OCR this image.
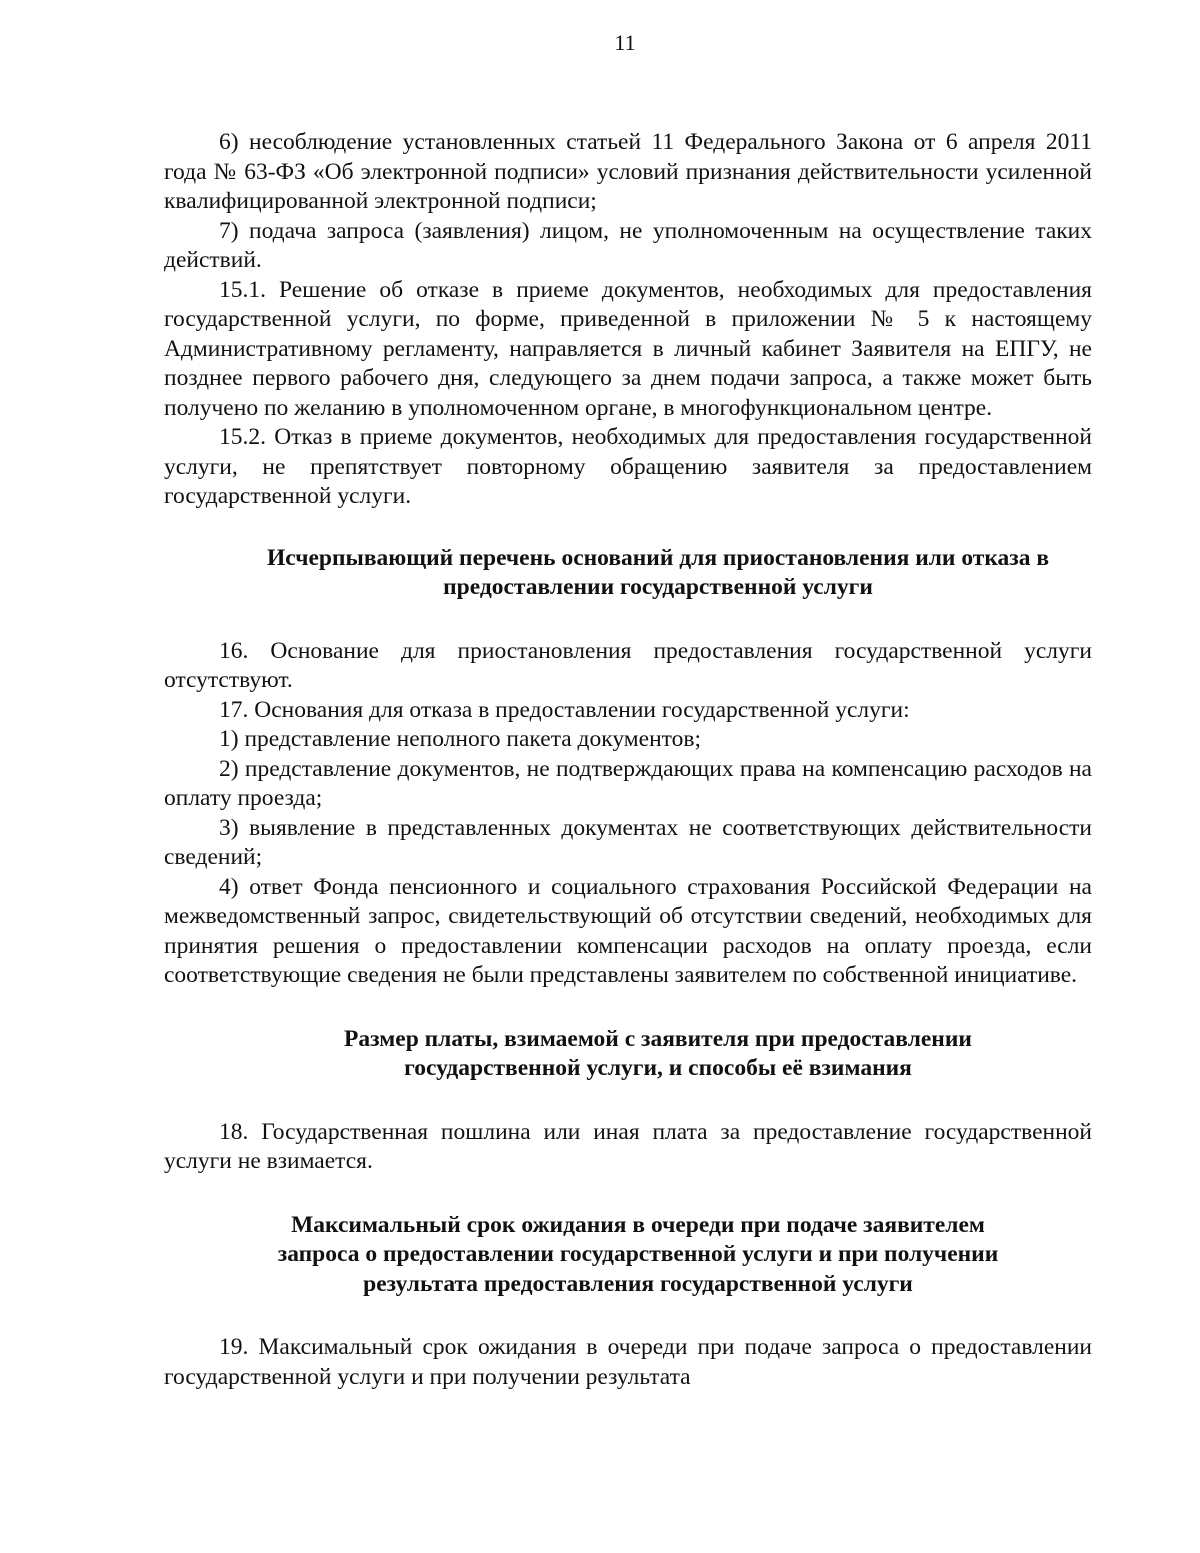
11

6) несоблюдение установленных статьей 11 Федерального Закона от 6 апреля 2011 года № 63-ФЗ «Об электронной подписи» условий признания действительности усиленной квалифицированной электронной подписи;

7) подача запроса (заявления) лицом, не уполномоченным на осуществление таких действий.

15.1. Решение об отказе в приеме документов, необходимых для предоставления государственной услуги, по форме, приведенной в приложении № 5 к настоящему Административному регламенту, направляется в личный кабинет Заявителя на ЕПГУ, не позднее первого рабочего дня, следующего за днем подачи запроса, а также может быть получено по желанию в уполномоченном органе, в многофункциональном центре.

15.2. Отказ в приеме документов, необходимых для предоставления государственной услуги, не препятствует повторному обращению заявителя за предоставлением государственной услуги.

Исчерпывающий перечень оснований для приостановления или отказа в
предоставлении государственной услуги

16. Основание для приостановления предоставления государственной услуги отсутствуют.

17. Основания для отказа в предоставлении государственной услуги:

1) представление неполного пакета документов;

2) представление документов, не подтверждающих права на компенсацию расходов на оплату проезда;

3) выявление в представленных документах не соответствующих действительности сведений;

4) ответ Фонда пенсионного и социального страхования Российской Федерации на межведомственный запрос, свидетельствующий об отсутствии сведений, необходимых для принятия решения о предоставлении компенсации расходов на оплату проезда, если соответствующие сведения не были представлены заявителем по собственной инициативе.

Размер платы, взимаемой с заявителя при предоставлении
государственной услуги, и способы её взимания

18. Государственная пошлина или иная плата за предоставление государственной услуги не взимается.

Максимальный срок ожидания в очереди при подаче заявителем
запроса о предоставлении государственной услуги и при получении
результата предоставления государственной услуги

19. Максимальный срок ожидания в очереди при подаче запроса о предоставлении государственной услуги и при получении результата
